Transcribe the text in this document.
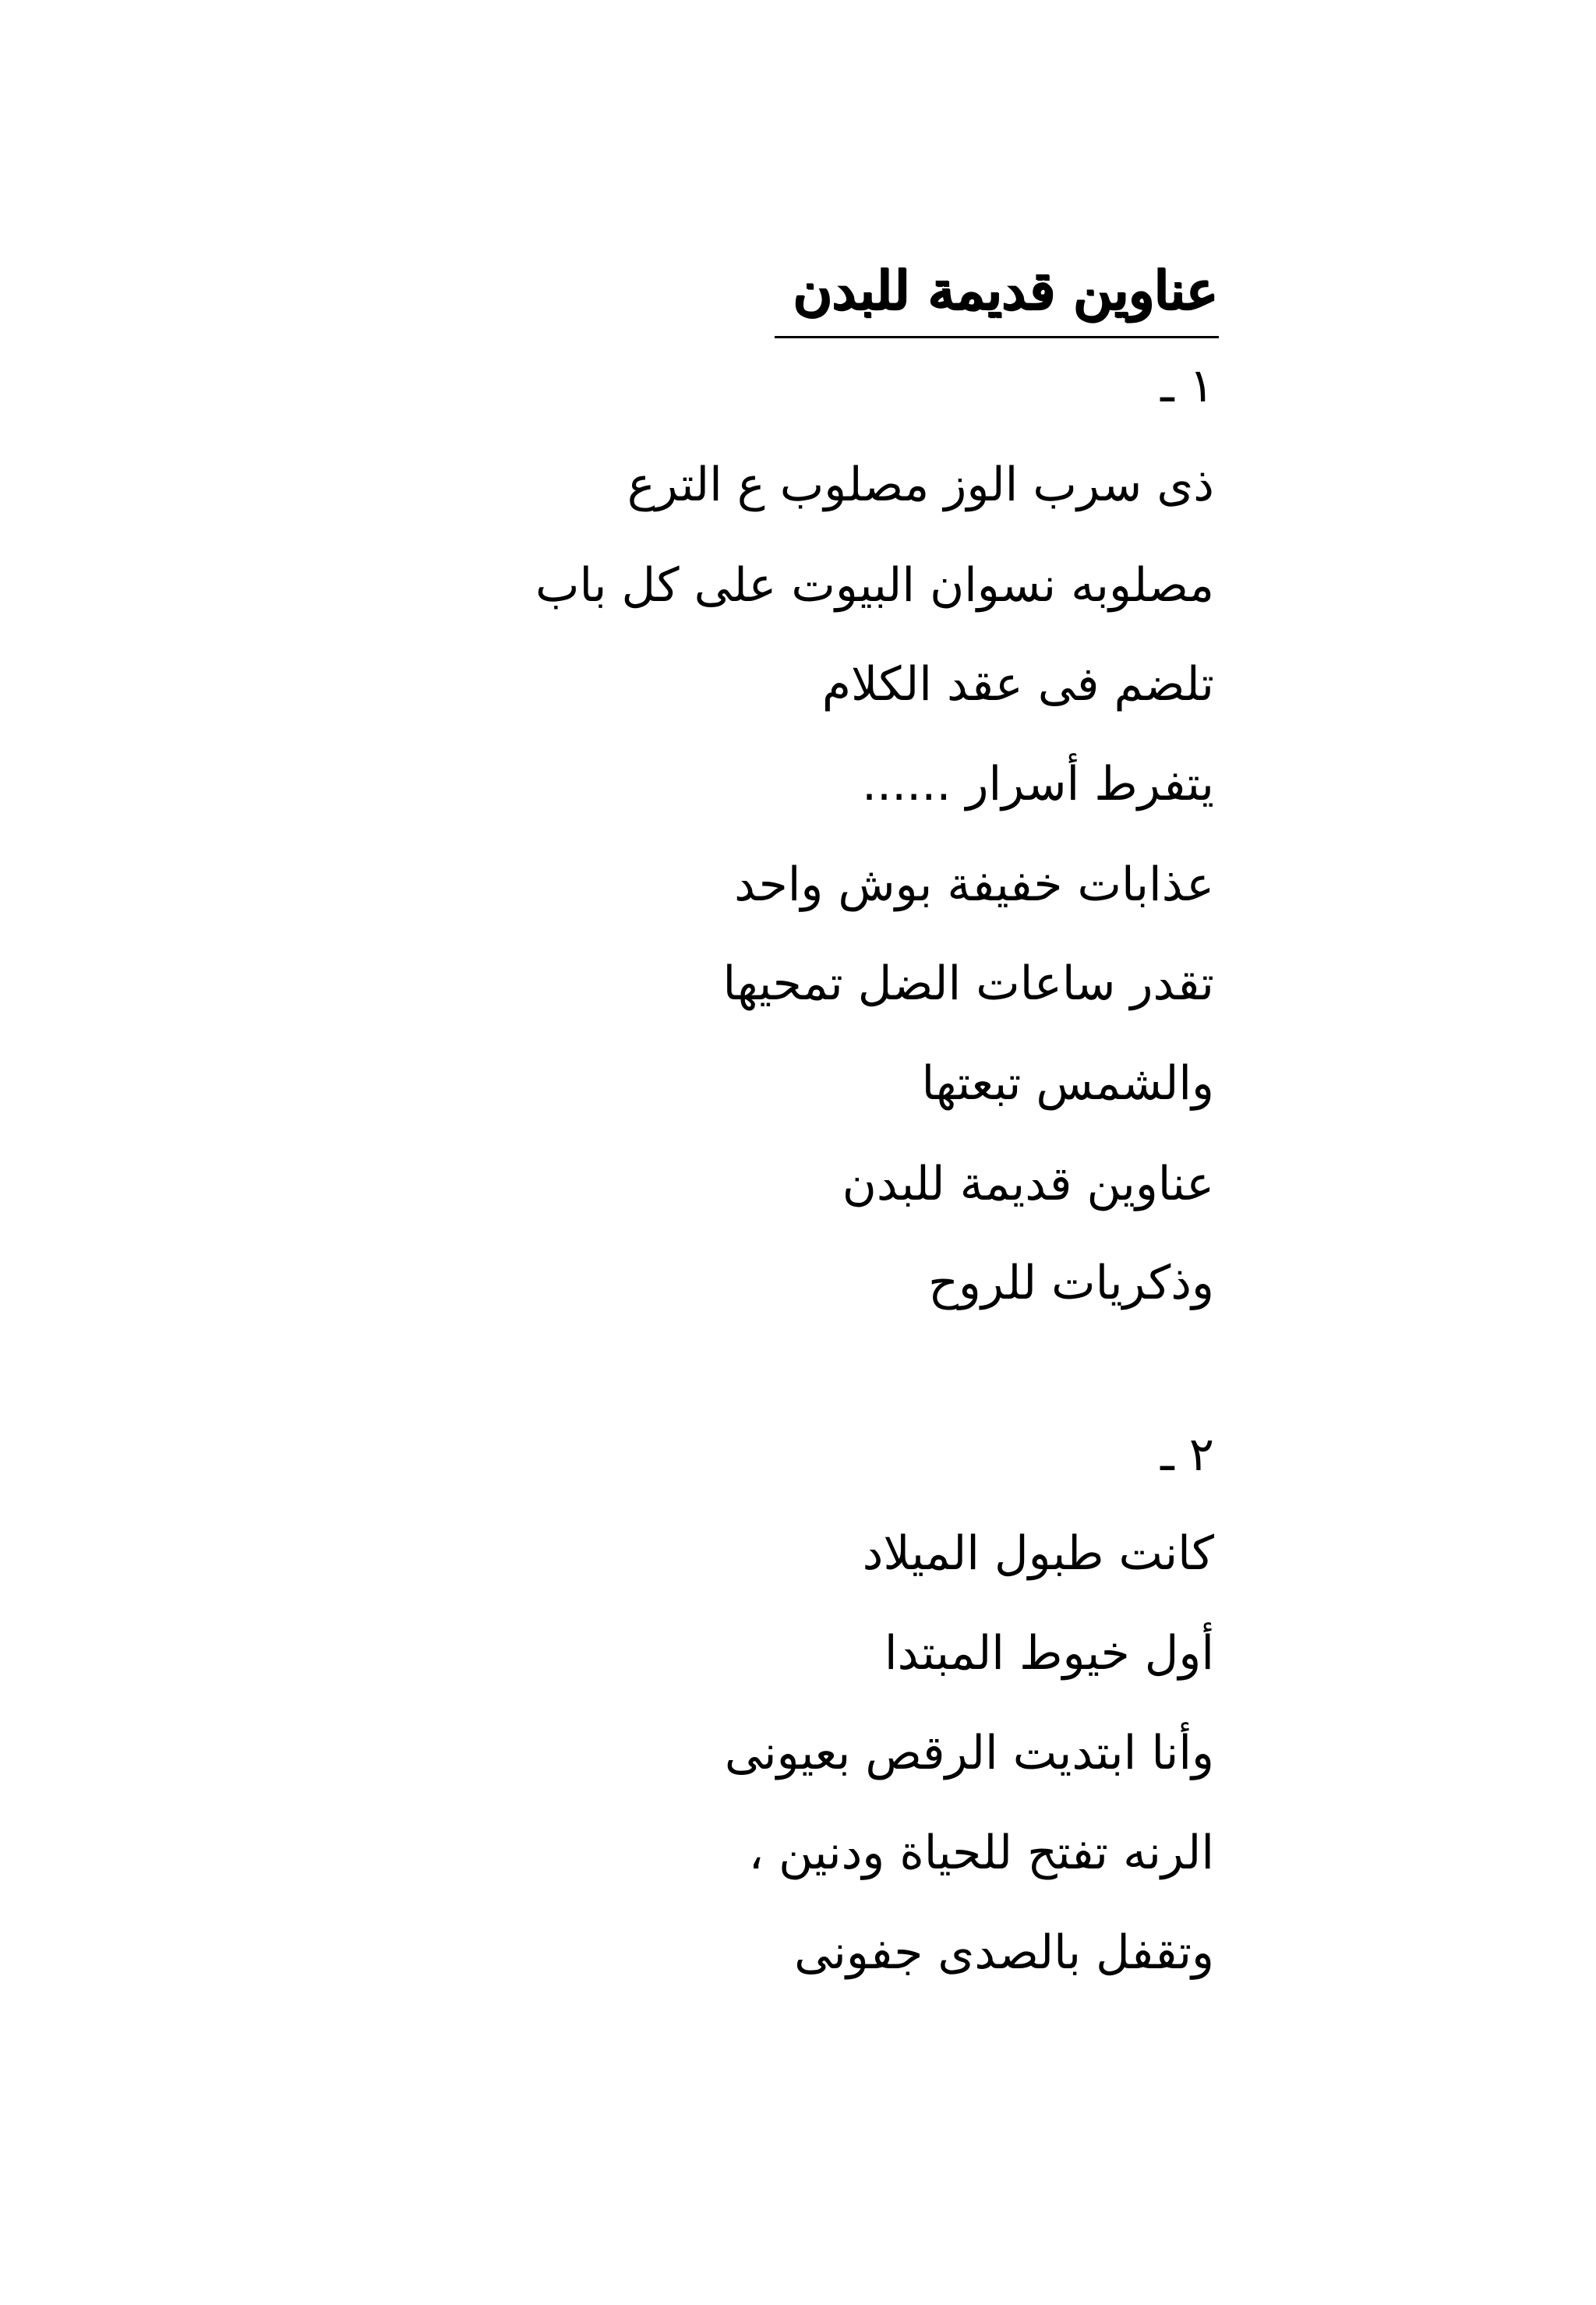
عناوين قديمة للبدن
١ ـ
ذى سرب الوز مصلوب ع الترع
مصلوبه نسوان البيوت على كل باب
تلضم فى عقد الكلام
يتفرط أسرار ......
عذابات خفيفة بوش واحد
تقدر ساعات الضل تمحيها
والشمس تبعتها
عناوين قديمة للبدن
وذكريات للروح
٢ ـ
كانت طبول الميلاد
أول خيوط المبتدا
وأنا ابتديت الرقص بعيونى
الرنه تفتح للحياة ودنين ،
وتقفل بالصدى جفونى
